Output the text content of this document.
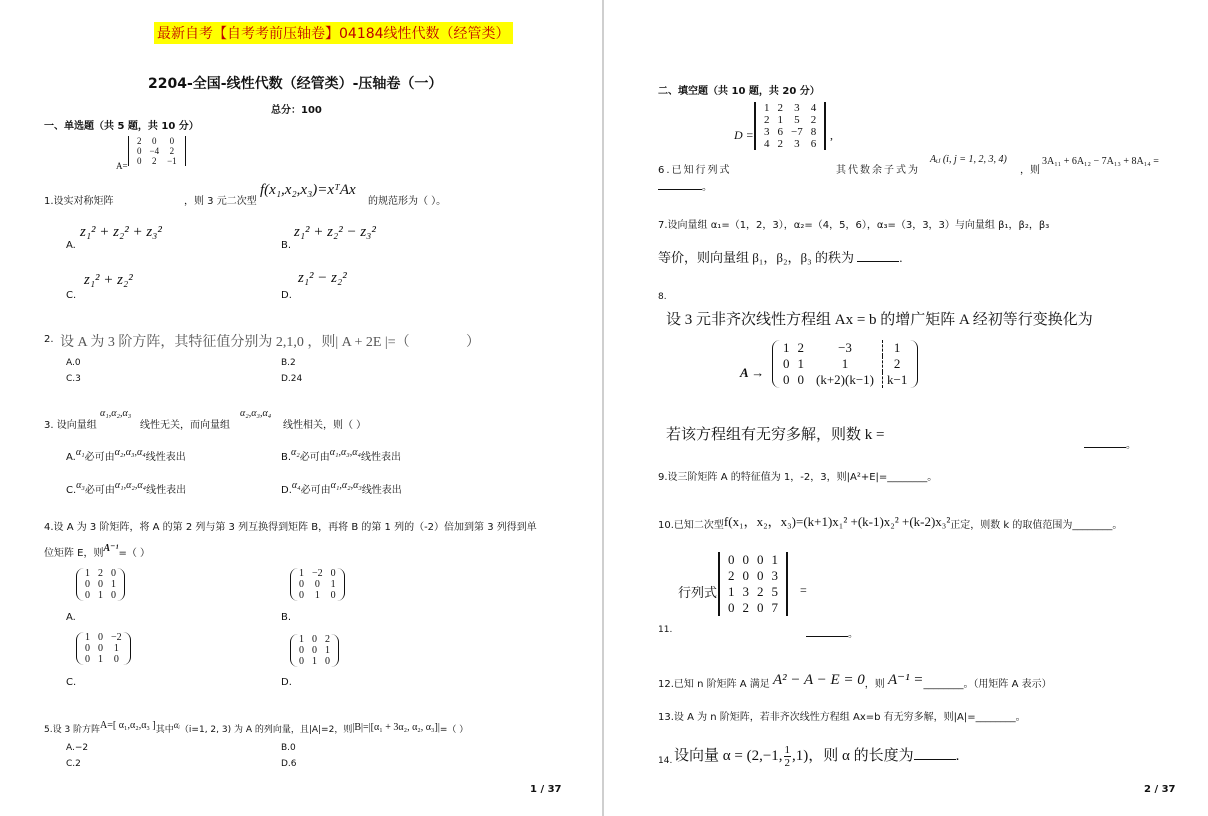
最新自考【自考考前压轴卷】04184线性代数（经管类）
2204-全国-线性代数（经管类）-压轴卷（一）
总分：100
一、单选题（共 5 题，共 10 分）
A=
2	0	0
0	−4	2
0	2	−1
1.设实对称矩阵	，则 3 元二次型
f(x₁,x₂,x₃)=xᵀAx
的规范形为（ ）。
A.
z₁² + z₂² + z₃²
B.
z₁² + z₂² − z₃²
C.
z₁² + z₂²
D.
z₁² − z₂²
2. 设 A 为 3 阶方阵，其特征值分别为 2,1,0 ，则| A + 2E |=（	）
A.0	B.2
C.3	D.24
3. 设向量组
α₁,α₂,α₃
线性无关，而向量组
α₂,α₃,α₄
线性相关，则（ ）
A.α₁必可由α₂,α₃,α₄线性表出	B.α₂必可由α₁,α₃,α₄线性表出
C.α₃必可由α₁,α₂,α₄线性表出	D.α₄必可由α₁,α₂,α₃线性表出
4.设 A 为 3 阶矩阵，将 A 的第 2 列与第 3 列互换得到矩阵 B，再将 B 的第 1 列的（-2）倍加到第 3 列得到单
位矩阵 E，则A⁻¹=（ ）
A.
1	2	0
0	0	1
0	1	0
B.
1	−2	0
0	0	1
0	1	0
C.
1	0	−2
0	0	1
0	1	0
D.
1	0	2
0	0	1
0	1	0
5.设 3 阶方阵A=[ α₁,α₂,α₃ ]其中αᵢ（i=1, 2, 3) 为 A 的列向量，且|A|=2，则|B|=|[α₁ + 3α₂, α₂, α₃]|=（ ）
A.−2	B.0
C.2	D.6
1 / 37
二、填空题（共 10 题，共 20 分）
D =
1	2	3	4
2	1	5	2
3	6	−7	8
4	2	3	6
,
6.已知行列式	其代数余子式为
Aᵢⱼ (i, j = 1, 2, 3, 4)
，则
3A₁₁ + 6A₁₂ − 7A₁₃ + 8A₁₄ =
。
7.设向量组 α₁=（1，2，3），α₂=（4，5，6），α₃=（3，3，3）与向量组 β₁，β₂，β₃
等价，则向量组 β₁，β₂，β₃ 的秩为	.
8.
设 3 元非齐次线性方程组 Ax = b 的增广矩阵 A 经初等行变换化为
A →
1	2	−3	1
0	1	1	2
0	0	(k+2)(k−1)	k−1
若该方程组有无穷多解，则数 k =
。
9.设三阶矩阵 A 的特征值为 1，-2，3，则|A²+E|=________。
10.已知二次型f(x₁，x₂，x₃)=(k+1)x₁² +(k-1)x₂² +(k-2)x₃²正定，则数 k 的取值范围为________。
行列式
0	0	0	1
2	0	0	3
1	3	2	5
0	2	0	7
=
11.	。
12.已知 n 阶矩阵 A 满足 A² − A − E = 0，则 A⁻¹ =________。（用矩阵 A 表示）
13.设 A 为 n 阶矩阵，若非齐次线性方程组 Ax=b 有无穷多解，则|A|=________。
14. 设向量 α = (2,−1, $\frac{1}{2} ,1$)，则 α 的长度为	.
2 / 37
